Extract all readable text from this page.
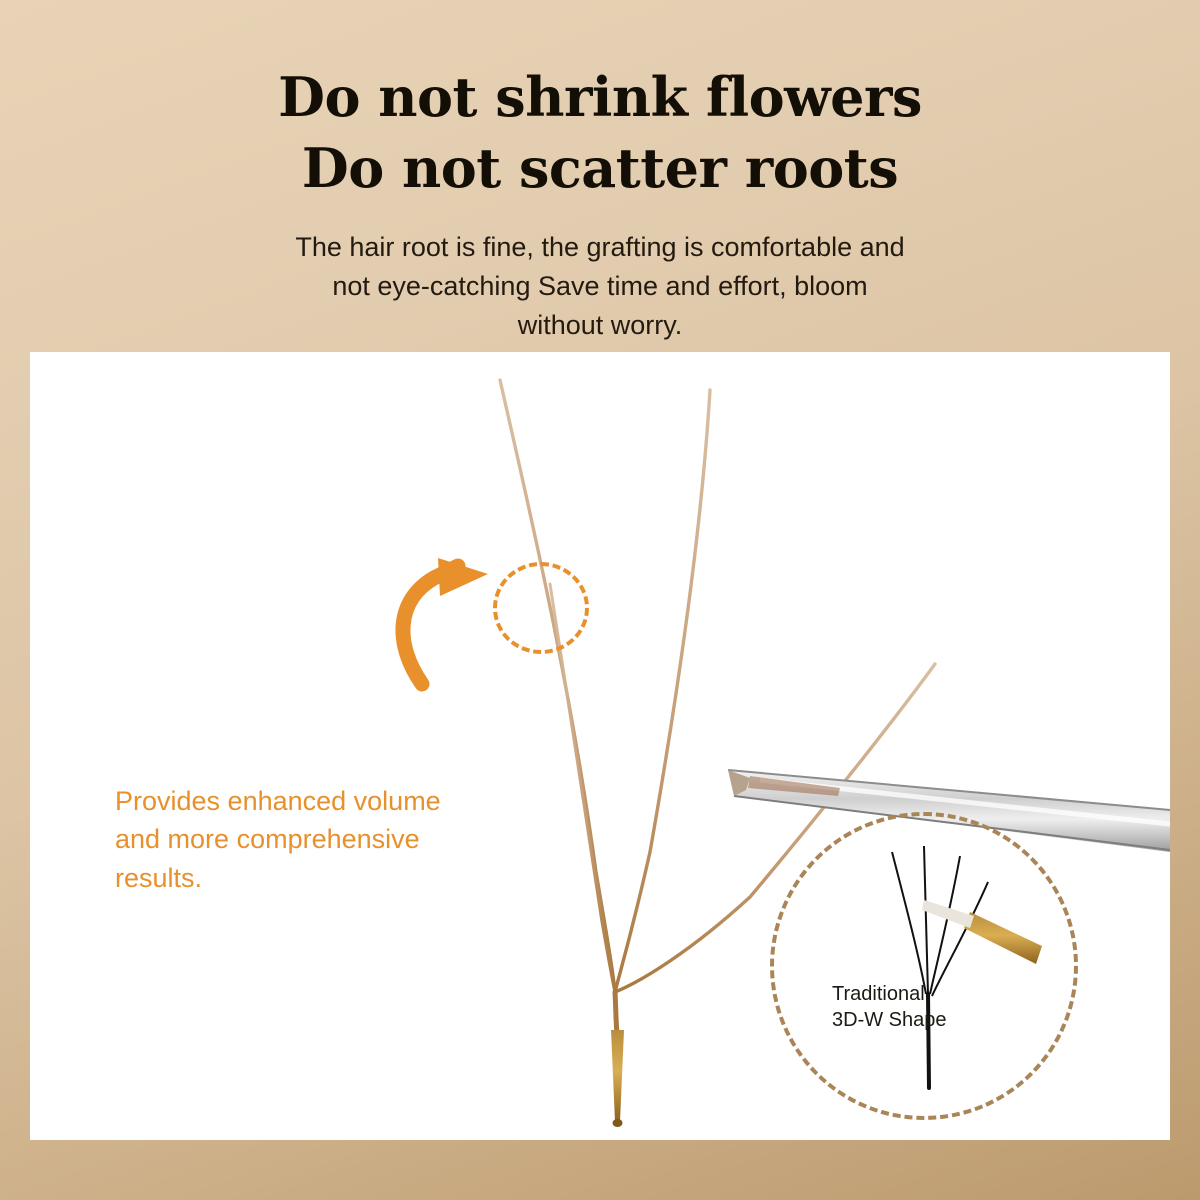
Do not shrink flowers
Do not scatter roots
The hair root is fine, the grafting is comfortable and
not eye-catching Save time and effort, bloom
without worry.
Provides enhanced volume
and more comprehensive
results.
Traditional
3D-W Shape
